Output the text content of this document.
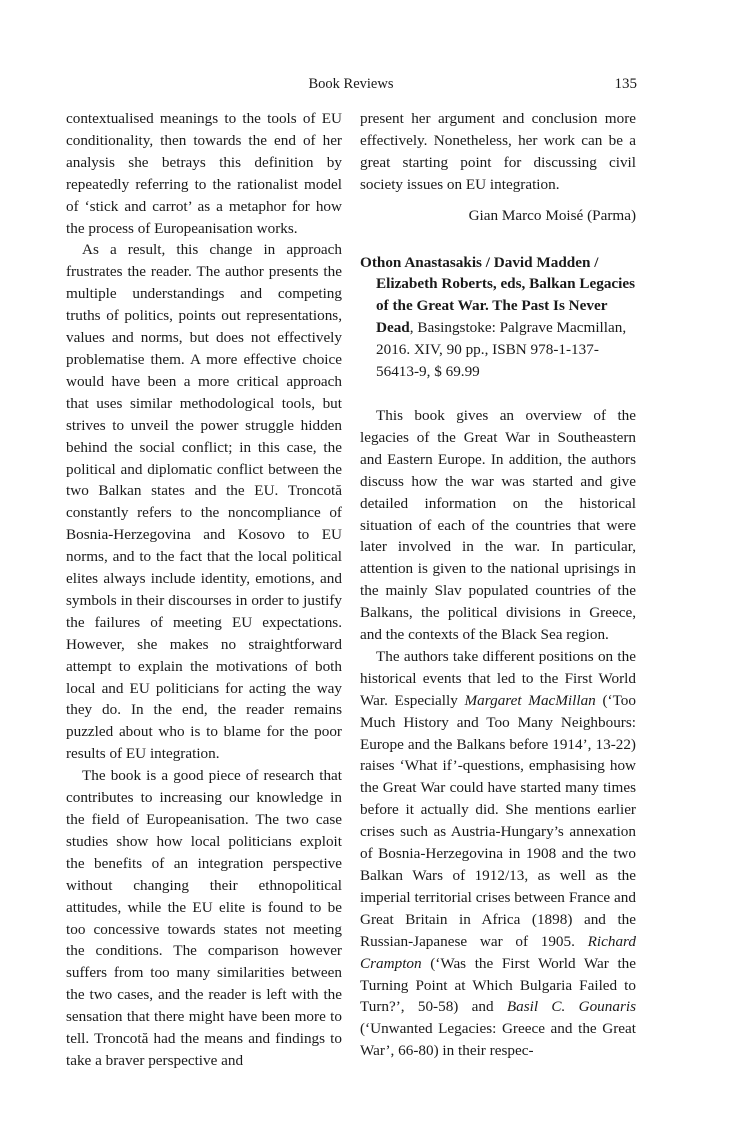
Book Reviews	135

contextualised meanings to the tools of EU conditionality, then towards the end of her analysis she betrays this definition by repeatedly referring to the rationalist model of ‘stick and carrot’ as a metaphor for how the process of Europeanisation works.

As a result, this change in approach frustrates the reader. The author presents the multiple understandings and competing truths of politics, points out representations, values and norms, but does not effectively problematise them. A more effective choice would have been a more critical approach that uses similar methodological tools, but strives to unveil the power struggle hidden behind the social conflict; in this case, the political and diplomatic conflict between the two Balkan states and the EU. Troncotă constantly refers to the noncompliance of Bosnia-Herzegovina and Kosovo to EU norms, and to the fact that the local political elites always include identity, emotions, and symbols in their discourses in order to justify the failures of meeting EU expectations. However, she makes no straightforward attempt to explain the motivations of both local and EU politicians for acting the way they do. In the end, the reader remains puzzled about who is to blame for the poor results of EU integration.

The book is a good piece of research that contributes to increasing our knowledge in the field of Europeanisation. The two case studies show how local politicians exploit the benefits of an integration perspective without changing their ethnopolitical attitudes, while the EU elite is found to be too concessive towards states not meeting the conditions. The comparison however suffers from too many similarities between the two cases, and the reader is left with the sensation that there might have been more to tell. Troncotă had the means and findings to take a braver perspective and

present her argument and conclusion more effectively. Nonetheless, her work can be a great starting point for discussing civil society issues on EU integration.

Gian Marco Moisé (Parma)

Othon Anastasakis / David Madden / Elizabeth Roberts, eds, Balkan Legacies of the Great War. The Past Is Never Dead, Basingstoke: Palgrave Macmillan, 2016. XIV, 90 pp., ISBN 978-1-137-56413-9, $ 69.99

This book gives an overview of the legacies of the Great War in Southeastern and Eastern Europe. In addition, the authors discuss how the war was started and give detailed information on the historical situation of each of the countries that were later involved in the war. In particular, attention is given to the national uprisings in the mainly Slav populated countries of the Balkans, the political divisions in Greece, and the contexts of the Black Sea region.

The authors take different positions on the historical events that led to the First World War. Especially Margaret MacMillan (‘Too Much History and Too Many Neighbours: Europe and the Balkans before 1914’, 13-22) raises ‘What if’-questions, emphasising how the Great War could have started many times before it actually did. She mentions earlier crises such as Austria-Hungary’s annexation of Bosnia-Herzegovina in 1908 and the two Balkan Wars of 1912/13, as well as the imperial territorial crises between France and Great Britain in Africa (1898) and the Russian-Japanese war of 1905. Richard Crampton (‘Was the First World War the Turning Point at Which Bulgaria Failed to Turn?’, 50-58) and Basil C. Gounaris (‘Unwanted Legacies: Greece and the Great War’, 66-80) in their respec-
